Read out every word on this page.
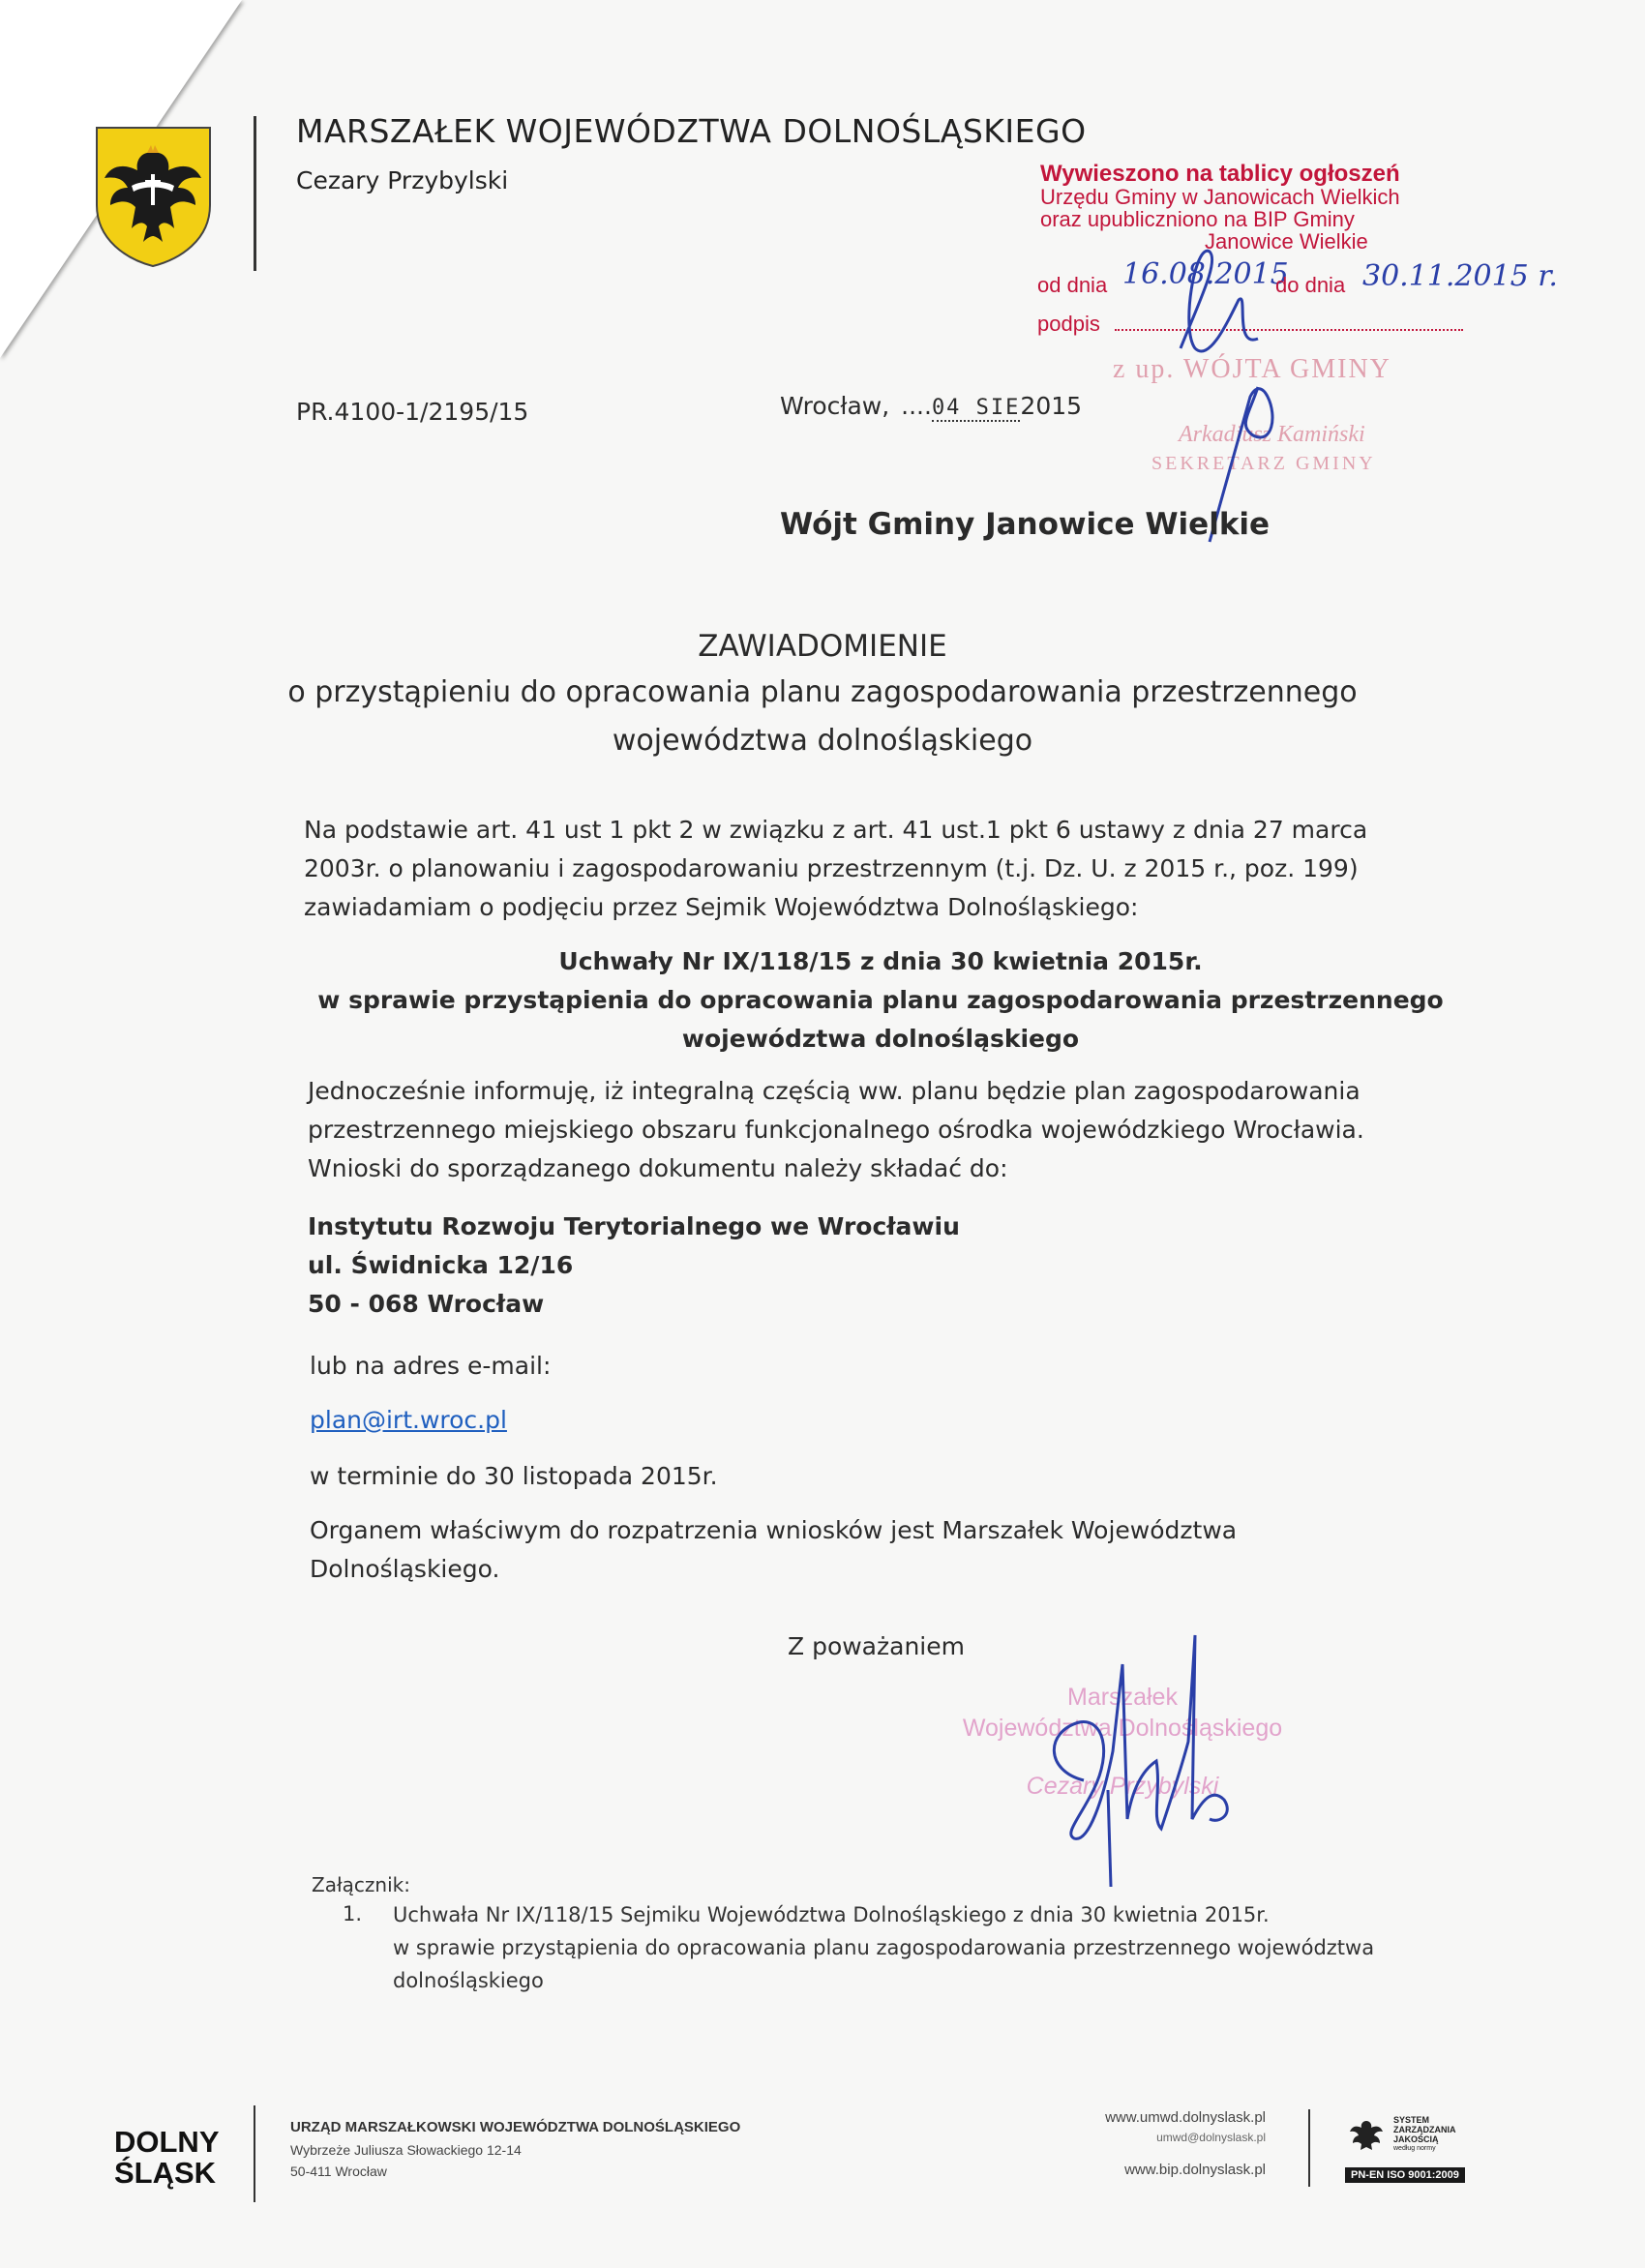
MARSZAŁEK WOJEWÓDZTWA DOLNOŚLĄSKIEGO
Cezary Przybylski	Wywieszono na tablicy ogłoszeń
Urzędu Gminy w Janowicach Wielkich
oraz upubliczniono na BIP Gminy
Janowice Wielkie
od dnia 16.08.2015
do dnia 30.11.2015 r.
podpis
z up. WÓJTA GMINY
Arkadiusz Kamiński
SEKRETARZ GMINY
PR.4100-1/2195/15	Wrocław, ....04 SIE2015
Wójt Gminy Janowice Wielkie
ZAWIADOMIENIE
o przystąpieniu do opracowania planu zagospodarowania przestrzennego
województwa dolnośląskiego
Na podstawie art. 41 ust 1 pkt 2 w związku z art. 41 ust.1 pkt 6 ustawy z dnia 27 marca
2003r. o planowaniu i zagospodarowaniu przestrzennym (t.j. Dz. U. z 2015 r., poz. 199)
zawiadamiam o podjęciu przez Sejmik Województwa Dolnośląskiego:
Uchwały Nr IX/118/15 z dnia 30 kwietnia 2015r.
w sprawie przystąpienia do opracowania planu zagospodarowania przestrzennego
województwa dolnośląskiego
Jednocześnie informuję, iż integralną częścią ww. planu będzie plan zagospodarowania
przestrzennego miejskiego obszaru funkcjonalnego ośrodka wojewódzkiego Wrocławia.
Wnioski do sporządzanego dokumentu należy składać do:
Instytutu Rozwoju Terytorialnego we Wrocławiu
ul. Świdnicka 12/16
50 - 068 Wrocław
lub na adres e-mail:
plan@irt.wroc.pl
w terminie do 30 listopada 2015r.
Organem właściwym do rozpatrzenia wniosków jest Marszałek Województwa
Dolnośląskiego.
Z poważaniem
Marszałek
Województwa Dolnośląskiego
Cezary Przybylski
Załącznik:
1. Uchwała Nr IX/118/15 Sejmiku Województwa Dolnośląskiego z dnia 30 kwietnia 2015r.
w sprawie przystąpienia do opracowania planu zagospodarowania przestrzennego województwa
dolnośląskiego
DOLNY
ŚLĄSK
URZĄD MARSZAŁKOWSKI WOJEWÓDZTWA DOLNOŚLĄSKIEGO
Wybrzeże Juliusza Słowackiego 12-14
50-411 Wrocław
www.umwd.dolnyslask.pl
umwd@dolnyslask.pl
www.bip.dolnyslask.pl
SYSTEM
ZARZĄDZANIA
JAKOŚCIĄ
według normy
PN-EN ISO 9001:2009
